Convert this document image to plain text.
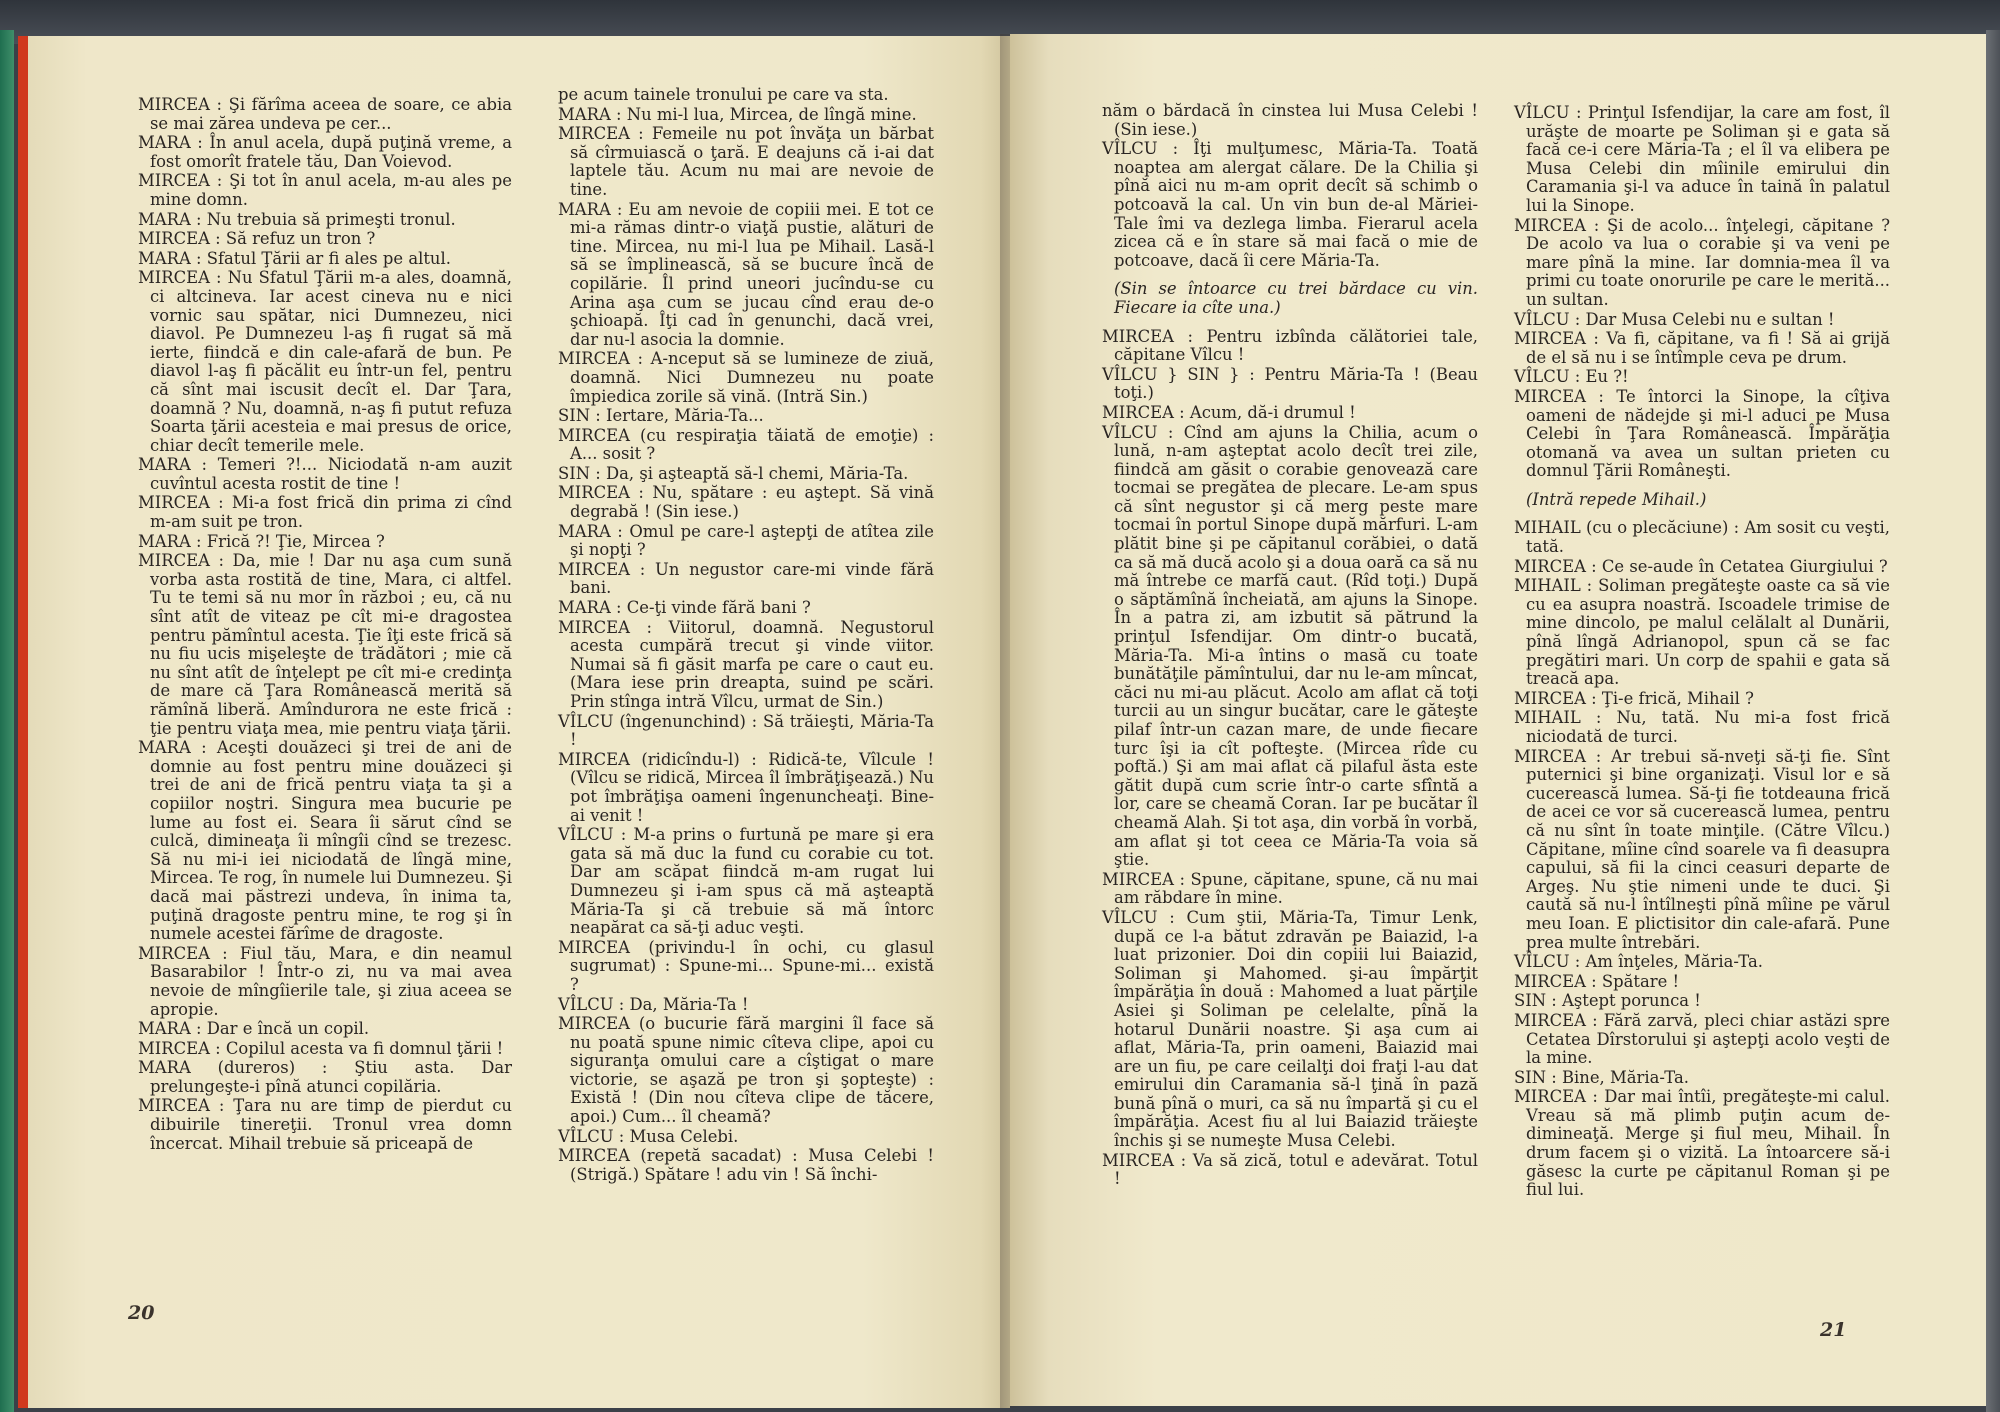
MIRCEA : Şi fărîma aceea de soare, ce abia se mai zărea undeva pe cer...

MARA : În anul acela, după puţină vreme, a fost omorît fratele tău, Dan Voievod.

MIRCEA : Şi tot în anul acela, m-au ales pe mine domn.

MARA : Nu trebuia să primeşti tronul.

MIRCEA : Să refuz un tron ?

MARA : Sfatul Ţării ar fi ales pe altul.

MIRCEA : Nu Sfatul Ţării m-a ales, doamnă, ci altcineva. Iar acest cineva nu e nici vornic sau spătar, nici Dumnezeu, nici diavol. Pe Dumnezeu l-aş fi rugat să mă ierte, fiindcă e din cale-afară de bun. Pe diavol l-aş fi păcălit eu într-un fel, pentru că sînt mai iscusit decît el. Dar Ţara, doamnă ? Nu, doamnă, n-aş fi putut refuza Soarta ţării acesteia e mai presus de orice, chiar decît temerile mele.

MARA : Temeri ?!... Niciodată n-am auzit cuvîntul acesta rostit de tine !

MIRCEA : Mi-a fost frică din prima zi cînd m-am suit pe tron.

MARA : Frică ?! Ţie, Mircea ?

MIRCEA : Da, mie ! Dar nu aşa cum sună vorba asta rostită de tine, Mara, ci altfel. Tu te temi să nu mor în război ; eu, că nu sînt atît de viteaz pe cît mi-e dragostea pentru pămîntul acesta. Ţie îţi este frică să nu fiu ucis mişeleşte de trădători ; mie că nu sînt atît de înţelept pe cît mi-e credinţa de mare că Ţara Românească merită să rămînă liberă. Amîndurora ne este frică : ţie pentru viaţa mea, mie pentru viaţa ţării.

MARA : Aceşti douăzeci şi trei de ani de domnie au fost pentru mine douăzeci şi trei de ani de frică pentru viaţa ta şi a copiilor noştri. Singura mea bucurie pe lume au fost ei. Seara îi sărut cînd se culcă, dimineaţa îi mîngîi cînd se trezesc. Să nu mi-i iei niciodată de lîngă mine, Mircea. Te rog, în numele lui Dumnezeu. Şi dacă mai păstrezi undeva, în inima ta, puţină dragoste pentru mine, te rog şi în numele acestei fărîme de dragoste.

MIRCEA : Fiul tău, Mara, e din neamul Basarabilor ! Într-o zi, nu va mai avea nevoie de mîngîierile tale, şi ziua aceea se apropie.

MARA : Dar e încă un copil.

MIRCEA : Copilul acesta va fi domnul ţării !

MARA (dureros) : Ştiu asta. Dar prelungeşte-i pînă atunci copilăria.

MIRCEA : Ţara nu are timp de pierdut cu dibuirile tinereţii. Tronul vrea domn încercat. Mihail trebuie să priceapă de

pe acum tainele tronului pe care va sta.

MARA : Nu mi-l lua, Mircea, de lîngă mine.

MIRCEA : Femeile nu pot învăţa un bărbat să cîrmuiască o ţară. E deajuns că i-ai dat laptele tău. Acum nu mai are nevoie de tine.

MARA : Eu am nevoie de copiii mei. E tot ce mi-a rămas dintr-o viaţă pustie, alături de tine. Mircea, nu mi-l lua pe Mihail. Lasă-l să se împlinească, să se bucure încă de copilărie. Îl prind uneori jucîndu-se cu Arina aşa cum se jucau cînd erau de-o şchioapă. Îţi cad în genunchi, dacă vrei, dar nu-l asocia la domnie.

MIRCEA : A-nceput să se lumineze de ziuă, doamnă. Nici Dumnezeu nu poate împiedica zorile să vină. (Intră Sin.)

SIN : Iertare, Măria-Ta...

MIRCEA (cu respiraţia tăiată de emoţie) : A... sosit ?

SIN : Da, şi aşteaptă să-l chemi, Măria-Ta.

MIRCEA : Nu, spătare : eu aştept. Să vină degrabă ! (Sin iese.)

MARA : Omul pe care-l aştepţi de atîtea zile şi nopţi ?

MIRCEA : Un negustor care-mi vinde fără bani.

MARA : Ce-ţi vinde fără bani ?

MIRCEA : Viitorul, doamnă. Negustorul acesta cumpără trecut şi vinde viitor. Numai să fi găsit marfa pe care o caut eu. (Mara iese prin dreapta, suind pe scări. Prin stînga intră Vîlcu, urmat de Sin.)

VÎLCU (îngenunchind) : Să trăieşti, Măria-Ta !

MIRCEA (ridicîndu-l) : Ridică-te, Vîlcule ! (Vîlcu se ridică, Mircea îl îmbrăţişează.) Nu pot îmbrăţişa oameni îngenuncheaţi. Bine-ai venit !

VÎLCU : M-a prins o furtună pe mare şi era gata să mă duc la fund cu corabie cu tot. Dar am scăpat fiindcă m-am rugat lui Dumnezeu şi i-am spus că mă aşteaptă Măria-Ta şi că trebuie să mă întorc neapărat ca să-ţi aduc veşti.

MIRCEA (privindu-l în ochi, cu glasul sugrumat) : Spune-mi... Spune-mi... există ?

VÎLCU : Da, Măria-Ta !

MIRCEA (o bucurie fără margini îl face să nu poată spune nimic cîteva clipe, apoi cu siguranţa omului care a cîştigat o mare victorie, se aşază pe tron şi şopteşte) : Există ! (Din nou cîteva clipe de tăcere, apoi.) Cum... îl cheamă?

VÎLCU : Musa Celebi.

MIRCEA (repetă sacadat) : Musa Celebi ! (Strigă.) Spătare ! adu vin ! Să închi-

20

năm o bărdacă în cinstea lui Musa Celebi ! (Sin iese.)

VÎLCU : Îţi mulţumesc, Măria-Ta. Toată noaptea am alergat călare. De la Chilia şi pînă aici nu m-am oprit decît să schimb o potcoavă la cal. Un vin bun de-al Măriei-Tale îmi va dezlega limba. Fierarul acela zicea că e în stare să mai facă o mie de potcoave, dacă îi cere Măria-Ta.

(Sin se întoarce cu trei bărdace cu vin. Fiecare ia cîte una.)

MIRCEA : Pentru izbînda călătoriei tale, căpitane Vîlcu !

VÎLCU } SIN } : Pentru Măria-Ta ! (Beau toţi.)

MIRCEA : Acum, dă-i drumul !

VÎLCU : Cînd am ajuns la Chilia, acum o lună, n-am aşteptat acolo decît trei zile, fiindcă am găsit o corabie genovează care tocmai se pregătea de plecare. Le-am spus că sînt negustor şi că merg peste mare tocmai în portul Sinope după mărfuri. L-am plătit bine şi pe căpitanul corăbiei, o dată ca să mă ducă acolo şi a doua oară ca să nu mă întrebe ce marfă caut. (Rîd toţi.) După o săptămînă încheiată, am ajuns la Sinope. În a patra zi, am izbutit să pătrund la prinţul Isfendijar. Om dintr-o bucată, Măria-Ta. Mi-a întins o masă cu toate bunătăţile pămîntului, dar nu le-am mîncat, căci nu mi-au plăcut. Acolo am aflat că toţi turcii au un singur bucătar, care le găteşte pilaf într-un cazan mare, de unde fiecare turc îşi ia cît pofteşte. (Mircea rîde cu poftă.) Şi am mai aflat că pilaful ăsta este gătit după cum scrie într-o carte sfîntă a lor, care se cheamă Coran. Iar pe bucătar îl cheamă Alah. Şi tot aşa, din vorbă în vorbă, am aflat şi tot ceea ce Măria-Ta voia să ştie.

MIRCEA : Spune, căpitane, spune, că nu mai am răbdare în mine.

VÎLCU : Cum ştii, Măria-Ta, Timur Lenk, după ce l-a bătut zdravăn pe Baiazid, l-a luat prizonier. Doi din copiii lui Baiazid, Soliman şi Mahomed. şi-au împărţit împărăţia în două : Mahomed a luat părţile Asiei şi Soliman pe celelalte, pînă la hotarul Dunării noastre. Şi aşa cum ai aflat, Măria-Ta, prin oameni, Baiazid mai are un fiu, pe care ceilalţi doi fraţi l-au dat emirului din Caramania să-l ţină în pază bună pînă o muri, ca să nu împartă şi cu el împărăţia. Acest fiu al lui Baiazid trăieşte închis şi se numeşte Musa Celebi.

MIRCEA : Va să zică, totul e adevărat. Totul !

VÎLCU : Prinţul Isfendijar, la care am fost, îl urăşte de moarte pe Soliman şi e gata să facă ce-i cere Măria-Ta ; el îl va elibera pe Musa Celebi din mîinile emirului din Caramania şi-l va aduce în taină în palatul lui la Sinope.

MIRCEA : Şi de acolo... înţelegi, căpitane ? De acolo va lua o corabie şi va veni pe mare pînă la mine. Iar domnia-mea îl va primi cu toate onorurile pe care le merită... un sultan.

VÎLCU : Dar Musa Celebi nu e sultan !

MIRCEA : Va fi, căpitane, va fi ! Să ai grijă de el să nu i se întîmple ceva pe drum.

VÎLCU : Eu ?!

MIRCEA : Te întorci la Sinope, la cîţiva oameni de nădejde şi mi-l aduci pe Musa Celebi în Ţara Românească. Împărăţia otomană va avea un sultan prieten cu domnul Ţării Româneşti.

(Intră repede Mihail.)

MIHAIL (cu o plecăciune) : Am sosit cu veşti, tată.

MIRCEA : Ce se-aude în Cetatea Giurgiului ?

MIHAIL : Soliman pregăteşte oaste ca să vie cu ea asupra noastră. Iscoadele trimise de mine dincolo, pe malul celălalt al Dunării, pînă lîngă Adrianopol, spun că se fac pregătiri mari. Un corp de spahii e gata să treacă apa.

MIRCEA : Ţi-e frică, Mihail ?

MIHAIL : Nu, tată. Nu mi-a fost frică niciodată de turci.

MIRCEA : Ar trebui să-nveţi să-ţi fie. Sînt puternici şi bine organizaţi. Visul lor e să cucerească lumea. Să-ţi fie totdeauna frică de acei ce vor să cucerească lumea, pentru că nu sînt în toate minţile. (Către Vîlcu.) Căpitane, mîine cînd soarele va fi deasupra capului, să fii la cinci ceasuri departe de Argeş. Nu ştie nimeni unde te duci. Şi caută să nu-l întîlneşti pînă mîine pe vărul meu Ioan. E plictisitor din cale-afară. Pune prea multe întrebări.

VÎLCU : Am înţeles, Măria-Ta.

MIRCEA : Spătare !

SIN : Aştept porunca !

MIRCEA : Fără zarvă, pleci chiar astăzi spre Cetatea Dîrstorului şi aştepţi acolo veşti de la mine.

SIN : Bine, Măria-Ta.

MIRCEA : Dar mai întîi, pregăteşte-mi calul. Vreau să mă plimb puţin acum de-dimineaţă. Merge şi fiul meu, Mihail. În drum facem şi o vizită. La întoarcere să-i găsesc la curte pe căpitanul Roman şi pe fiul lui.

21
